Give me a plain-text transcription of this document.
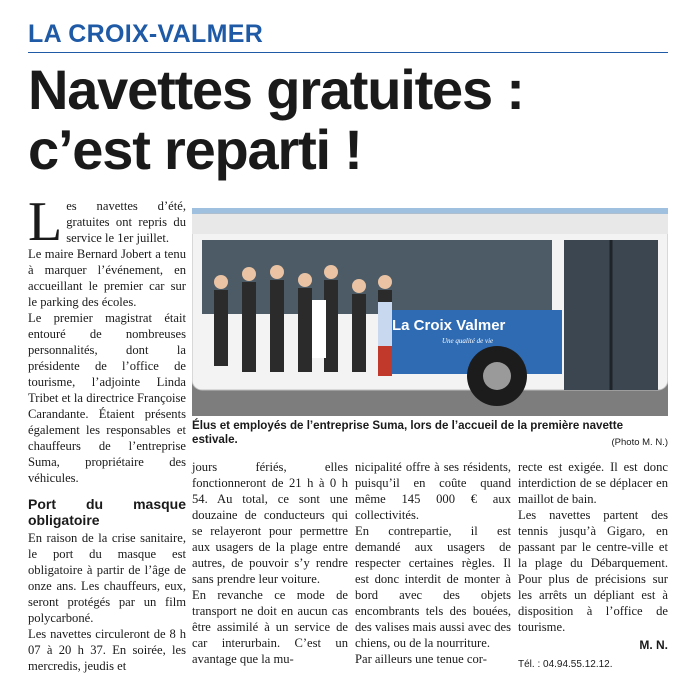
LA CROIX-VALMER
Navettes gratuites :
c’est reparti !
L es navettes d’été, gratuites ont repris du service le 1er juillet.

Le maire Bernard Jobert a tenu à marquer l’événement, en accueillant le premier car sur le parking des écoles.

Le premier magistrat était entouré de nombreuses personnalités, dont la présidente de l’office de tourisme, l’adjointe Linda Tribet et la directrice Françoise Carandante. Étaient présents également les responsables et chauffeurs de l’entreprise Suma, propriétaire des véhicules.

Port du masque obligatoire

En raison de la crise sanitaire, le port du masque est obligatoire à partir de l’âge de onze ans. Les chauffeurs, eux, seront protégés par un film polycarboné.

Les navettes circuleront de 8 h 07 à 20 h 37. En soirée, les mercredis, jeudis et

La Croix Valmer
Une qualité de vie
Élus et employés de l’entreprise Suma, lors de l’accueil de la première navette estivale.	(Photo M. N.)

jours fériés, elles fonctionneront de 21 h à 0 h 54. Au total, ce sont une douzaine de conducteurs qui se relayeront pour permettre aux usagers de la plage entre autres, de pouvoir s’y rendre sans prendre leur voiture.

En revanche ce mode de transport ne doit en aucun cas être assimilé à un service de car interurbain. C’est un avantage que la mu-

nicipalité offre à ses résidents, puisqu’il en coûte quand même 145 000 € aux collectivités.

En contrepartie, il est demandé aux usagers de respecter certaines règles. Il est donc interdit de monter à bord avec des objets encombrants tels des bouées, des valises mais aussi avec des chiens, ou de la nourriture.

Par ailleurs une tenue cor-

recte est exigée. Il est donc interdiction de se déplacer en maillot de bain.

Les navettes partent des tennis jusqu’à Gigaro, en passant par le centre-ville et la plage du Débarquement. Pour plus de précisions sur les arrêts un dépliant est à disposition à l’office de tourisme.

M. N.
Tél. : 04.94.55.12.12.
